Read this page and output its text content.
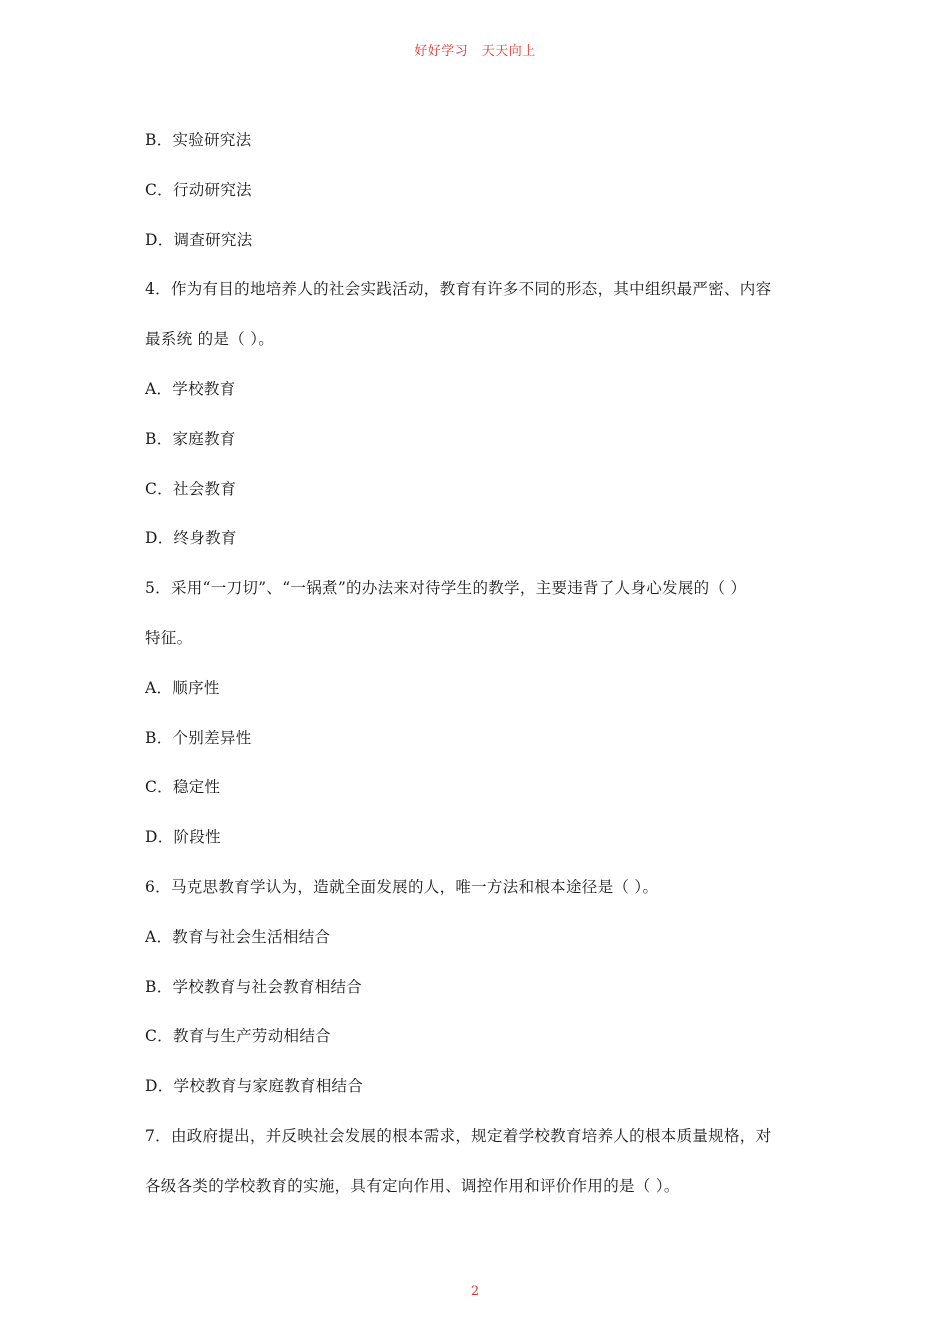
好好学习　天天向上
B．实验研究法
C．行动研究法
D．调查研究法
4．作为有目的地培养人的社会实践活动，教育有许多不同的形态，其中组织最严密、内容
最系统 的是（ ）。
A．学校教育
B．家庭教育
C．社会教育
D．终身教育
5．采用“一刀切”、“一锅煮”的办法来对待学生的教学，主要违背了人身心发展的（ ）
特征。
A．顺序性
B．个别差异性
C．稳定性
D．阶段性
6．马克思教育学认为，造就全面发展的人，唯一方法和根本途径是（ ）。
A．教育与社会生活相结合
B．学校教育与社会教育相结合
C．教育与生产劳动相结合
D．学校教育与家庭教育相结合
7．由政府提出，并反映社会发展的根本需求，规定着学校教育培养人的根本质量规格，对
各级各类的学校教育的实施，具有定向作用、调控作用和评价作用的是（ ）。
2
